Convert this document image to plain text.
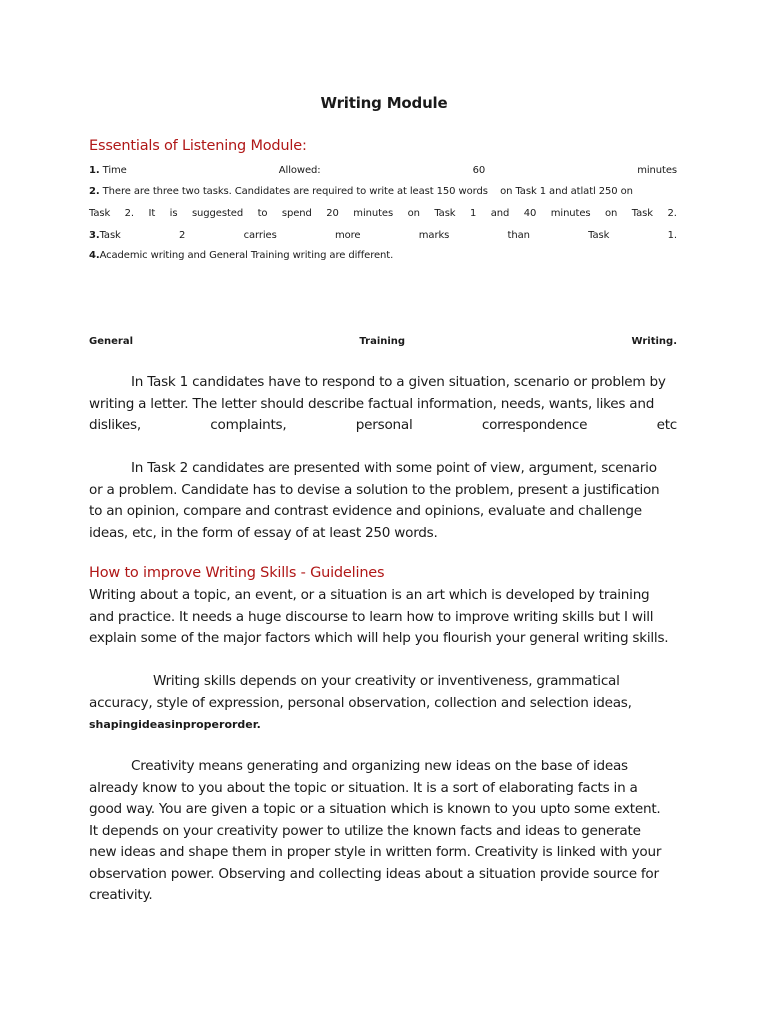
Writing Module
Essentials of Listening Module:
1. Time	Allowed:	60	minutes
2.
There are three two tasks. Candidates are required to write at least 150 words    on Task 1 and atlatl 250 on
Task 2. It is suggested to spend 20 minutes on Task 1 and 40 minutes on Task 2.
3.Task	2	carries	more	marks	than	Task	1.
4.Academic writing and General Training writing are different.
General	Training	Writing.
In Task 1 candidates have to respond to a given situation, scenario or problem by
writing a letter. The letter should describe factual information, needs, wants, likes and
dislikes,	complaints,	personal	correspondence	etc
In Task 2 candidates are presented with some point of view, argument, scenario
or a problem. Candidate has to devise a solution to the problem, present a justification
to an opinion, compare and contrast evidence and opinions, evaluate and challenge
ideas, etc, in the form of essay of at least 250 words.
How to improve Writing Skills - Guidelines
Writing about a topic, an event, or a situation is an art which is developed by training
and practice. It needs a huge discourse to learn how to improve writing skills but I will
explain some of the major factors which will help you flourish your general writing skills.
Writing skills depends on your creativity or inventiveness, grammatical
accuracy, style of expression, personal observation, collection and selection ideas,
shapingideasinproperorder.
Creativity means generating and organizing new ideas on the base of ideas
already know to you about the topic or situation. It is a sort of elaborating facts in a
good way. You are given a topic or a situation which is known to you upto some extent.
It depends on your creativity power to utilize the known facts and ideas to generate
new ideas and shape them in proper style in written form. Creativity is linked with your
observation power. Observing and collecting ideas about a situation provide source for
creativity.
